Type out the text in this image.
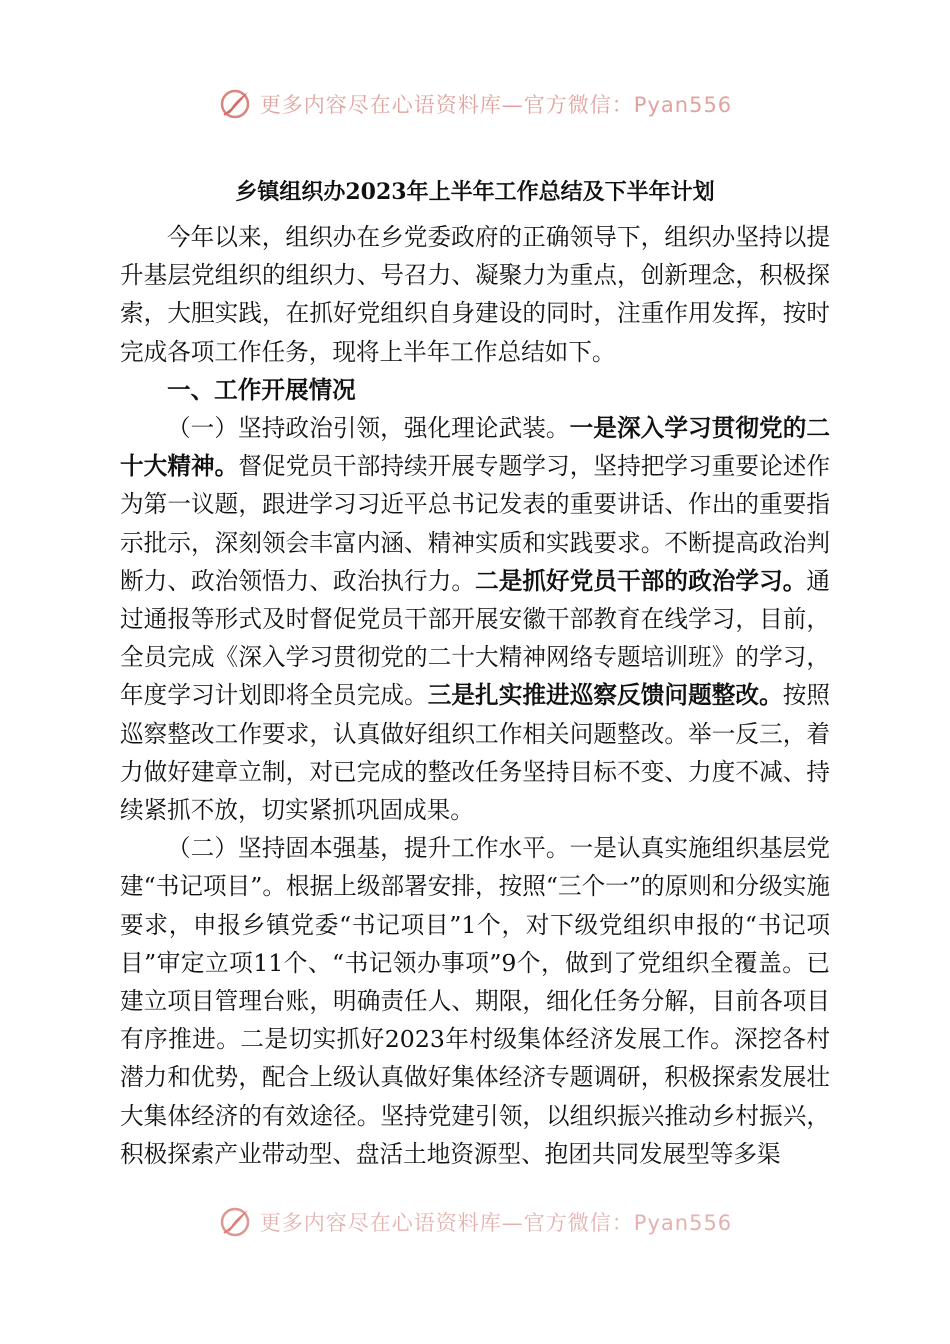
更多内容尽在心语资料库—官方微信：Pyan556
乡镇组织办2023年上半年工作总结及下半年计划

今年以来，组织办在乡党委政府的正确领导下，组织办坚持以提升基层党组织的组织力、号召力、凝聚力为重点，创新理念，积极探索，大胆实践，在抓好党组织自身建设的同时，注重作用发挥，按时完成各项工作任务，现将上半年工作总结如下。

一、工作开展情况

（一）坚持政治引领，强化理论武装。一是深入学习贯彻党的二十大精神。督促党员干部持续开展专题学习，坚持把学习重要论述作为第一议题，跟进学习习近平总书记发表的重要讲话、作出的重要指示批示，深刻领会丰富内涵、精神实质和实践要求。不断提高政治判断力、政治领悟力、政治执行力。二是抓好党员干部的政治学习。通过通报等形式及时督促党员干部开展安徽干部教育在线学习，目前，全员完成《深入学习贯彻党的二十大精神网络专题培训班》的学习，年度学习计划即将全员完成。三是扎实推进巡察反馈问题整改。按照巡察整改工作要求，认真做好组织工作相关问题整改。举一反三，着力做好建章立制，对已完成的整改任务坚持目标不变、力度不减、持续紧抓不放，切实紧抓巩固成果。

（二）坚持固本强基，提升工作水平。一是认真实施组织基层党建“书记项目”。根据上级部署安排，按照“三个一”的原则和分级实施要求，申报乡镇党委“书记项目”1个，对下级党组织申报的“书记项目”审定立项11个、“书记领办事项”9个，做到了党组织全覆盖。已建立项目管理台账，明确责任人、期限，细化任务分解，目前各项目有序推进。二是切实抓好2023年村级集体经济发展工作。深挖各村潜力和优势，配合上级认真做好集体经济专题调研，积极探索发展壮大集体经济的有效途径。坚持党建引领，以组织振兴推动乡村振兴，积极探索产业带动型、盘活土地资源型、抱团共同发展型等多渠

更多内容尽在心语资料库—官方微信：Pyan556
